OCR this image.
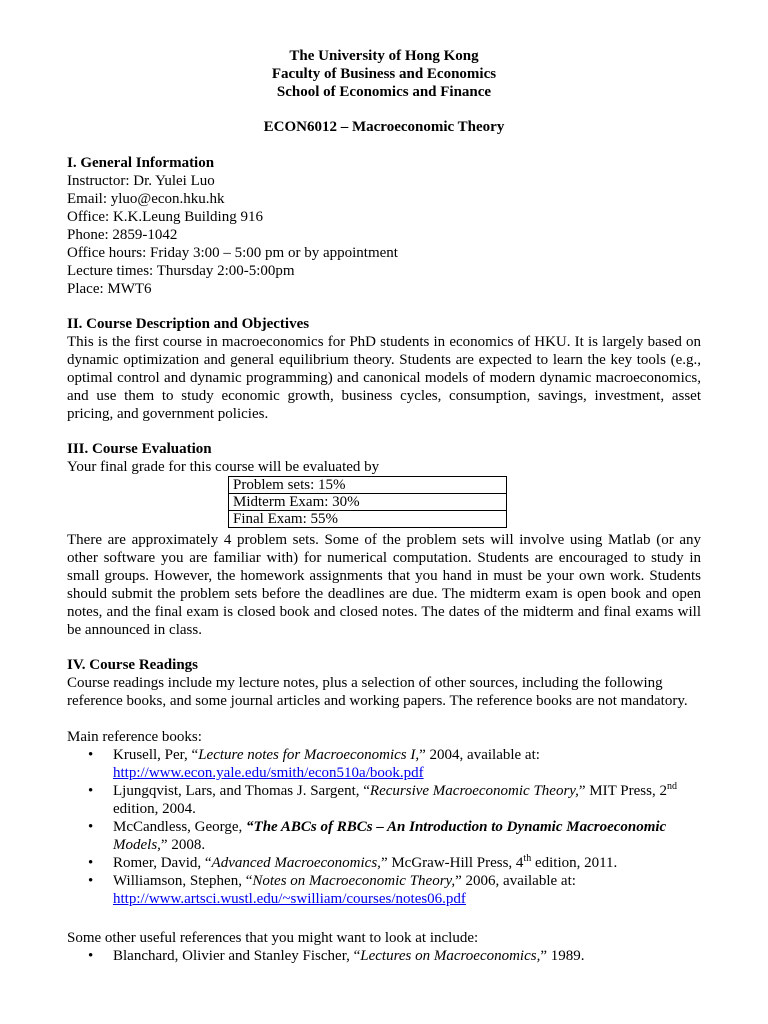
The University of Hong Kong
Faculty of Business and Economics
School of Economics and Finance
ECON6012 – Macroeconomic Theory
I. General Information
Instructor: Dr. Yulei Luo
Email: yluo@econ.hku.hk
Office: K.K.Leung Building 916
Phone: 2859-1042
Office hours: Friday 3:00 – 5:00 pm or by appointment
Lecture times: Thursday 2:00-5:00pm
Place: MWT6
II. Course Description and Objectives
This is the first course in macroeconomics for PhD students in economics of HKU. It is largely based on
dynamic optimization and general equilibrium theory. Students are expected to learn the key tools (e.g.,
optimal control and dynamic programming) and canonical models of modern dynamic macroeconomics,
and use them to study economic growth, business cycles, consumption, savings, investment, asset
pricing, and government policies.
III. Course Evaluation
Your final grade for this course will be evaluated by
Problem sets: 15%
Midterm Exam: 30%
Final Exam: 55%
There are approximately 4 problem sets. Some of the problem sets will involve using Matlab (or any
other software you are familiar with) for numerical computation. Students are encouraged to study in
small groups. However, the homework assignments that you hand in must be your own work. Students
should submit the problem sets before the deadlines are due. The midterm exam is open book and open
notes, and the final exam is closed book and closed notes. The dates of the midterm and final exams will
be announced in class.
IV. Course Readings
Course readings include my lecture notes, plus a selection of other sources, including the following
reference books, and some journal articles and working papers. The reference books are not mandatory.
Main reference books:
• Krusell, Per, “Lecture notes for Macroeconomics I,” 2004, available at:
http://www.econ.yale.edu/smith/econ510a/book.pdf
• Ljungqvist, Lars, and Thomas J. Sargent, “Recursive Macroeconomic Theory,” MIT Press, 2nd
edition, 2004.
• McCandless, George, “The ABCs of RBCs – An Introduction to Dynamic Macroeconomic
Models,” 2008.
• Romer, David, “Advanced Macroeconomics,” McGraw-Hill Press, 4th edition, 2011.
• Williamson, Stephen, “Notes on Macroeconomic Theory,” 2006, available at:
http://www.artsci.wustl.edu/~swilliam/courses/notes06.pdf
Some other useful references that you might want to look at include:
• Blanchard, Olivier and Stanley Fischer, “Lectures on Macroeconomics,” 1989.
